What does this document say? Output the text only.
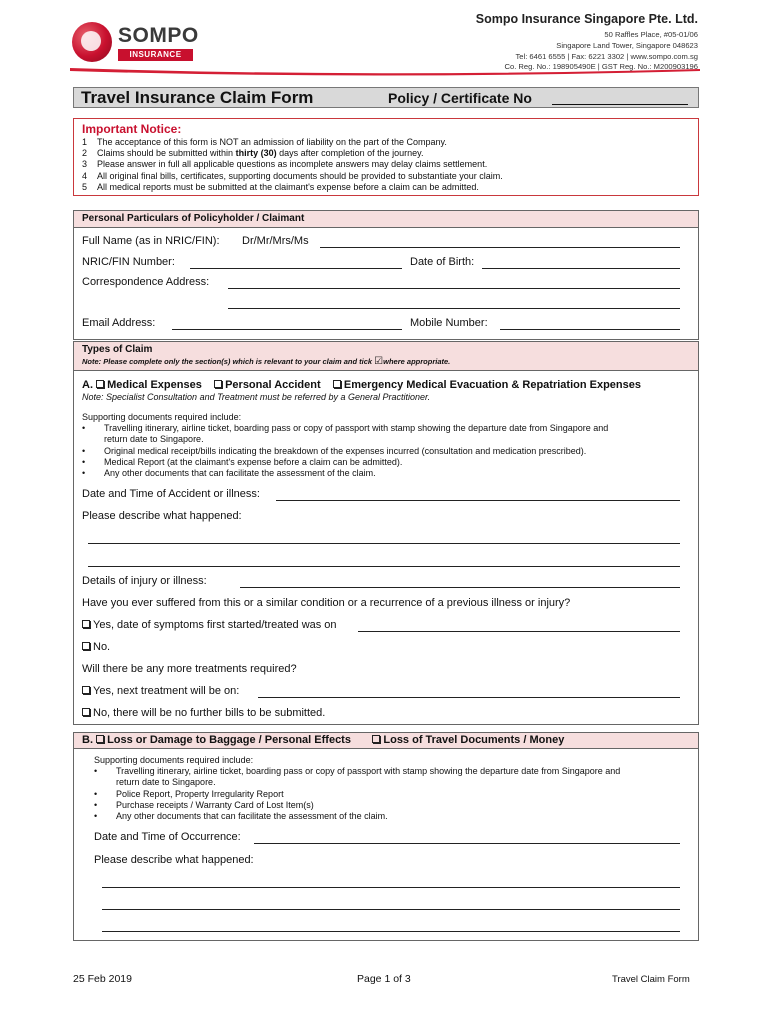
SOMPO
INSURANCE
Sompo Insurance Singapore Pte. Ltd.
50 Raffles Place, #05-01/06
Singapore Land Tower, Singapore 048623
Tel: 6461 6555 | Fax: 6221 3302 | www.sompo.com.sg
Co. Reg. No.: 198905490E | GST Reg. No.: M200903196
Travel Insurance Claim Form	Policy / Certificate No
Important Notice:
1 The acceptance of this form is NOT an admission of liability on the part of the Company.
2 Claims should be submitted within thirty (30) days after completion of the journey.
3 Please answer in full all applicable questions as incomplete answers may delay claims settlement.
4 All original final bills, certificates, supporting documents should be provided to substantiate your claim.
5 All medical reports must be submitted at the claimant's expense before a claim can be admitted.
Personal Particulars of Policyholder / Claimant
Full Name (as in NRIC/FIN): Dr/Mr/Mrs/Ms
NRIC/FIN Number:	Date of Birth:
Correspondence Address:
Email Address:	Mobile Number:
Types of Claim
Note: Please complete only the section(s) which is relevant to your claim and tick ☑where appropriate.
A. Medical Expenses Personal Accident Emergency Medical Evacuation & Repatriation Expenses
Note: Specialist Consultation and Treatment must be referred by a General Practitioner.
Supporting documents required include:
• Travelling itinerary, airline ticket, boarding pass or copy of passport with stamp showing the departure date from Singapore and
return date to Singapore.
• Original medical receipt/bills indicating the breakdown of the expenses incurred (consultation and medication prescribed).
• Medical Report (at the claimant's expense before a claim can be admitted).
• Any other documents that can facilitate the assessment of the claim.
Date and Time of Accident or illness:
Please describe what happened:
Details of injury or illness:
Have you ever suffered from this or a similar condition or a recurrence of a previous illness or injury?
Yes, date of symptoms first started/treated was on
No.
Will there be any more treatments required?
Yes, next treatment will be on:
No, there will be no further bills to be submitted.
B. Loss or Damage to Baggage / Personal Effects	Loss of Travel Documents / Money
Supporting documents required include:
• Travelling itinerary, airline ticket, boarding pass or copy of passport with stamp showing the departure date from Singapore and
return date to Singapore.
• Police Report, Property Irregularity Report
• Purchase receipts / Warranty Card of Lost Item(s)
• Any other documents that can facilitate the assessment of the claim.
Date and Time of Occurrence:
Please describe what happened:
25 Feb 2019	Page 1 of 3	Travel Claim Form
